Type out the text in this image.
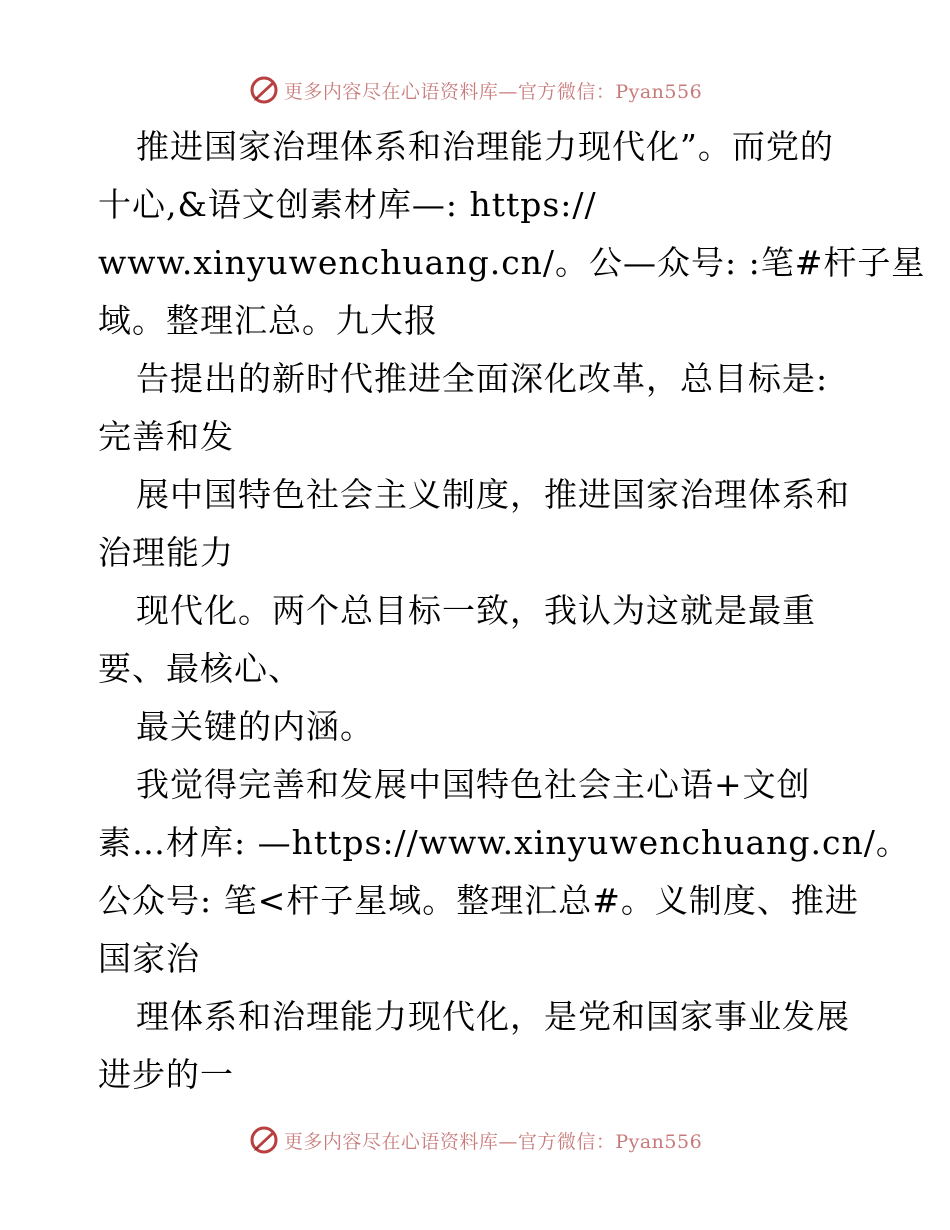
更多内容尽在心语资料库 —官方微信：Pyan556
推进国家治理体系和治理能力现代化”。而党的
十心,&语文创素材库—: https://
www.xinyuwenchuang.cn/。公—众号: :笔#杆子星
域。整理汇总。九大报
告提出的新时代推进全面深化改革，总目标是:
完善和发
展中国特色社会主义制度，推进国家治理体系和
治理能力
现代化。两个总目标一致，我认为这就是最重
要、最核心、
最关键的内涵。
我觉得完善和发展中国特色社会主心语+文创
素…材库: —https://www.xinyuwenchuang.cn/。
公众号: 笔<杆子星域。整理汇总#。义制度、推进
国家治
理体系和治理能力现代化，是党和国家事业发展
进步的一
更多内容尽在心语资料库 —官方微信：Pyan556
